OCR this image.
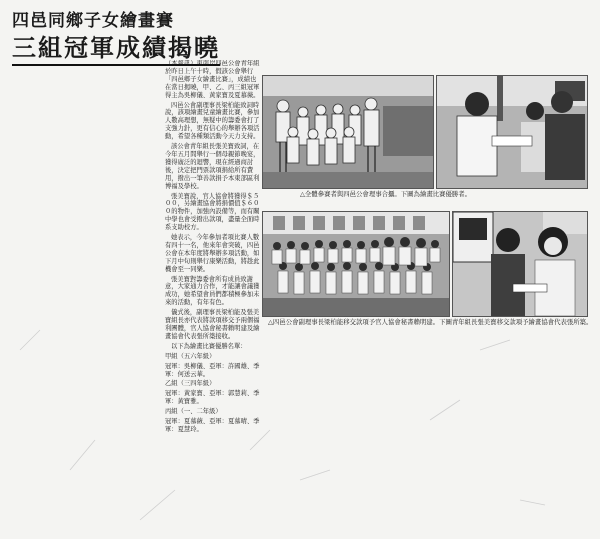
四邑同鄉子女繪畫賽
三組冠軍成績揭曉

（本報訊）東南岸四邑公會青年組於昨日上午十時，假該公會舉行「四邑鄉子女繪畫比賽」，成績也在當日揭曉，甲、乙、丙三組冠軍得主為吳柳儀、黃家寶及夏慕薇。

四邑公會副理事長梁柏能致詞時說，該項繪畫兒童繪畫比賽，參加人數高理想，無疑中的籌委會打了支強力針，更有信心的舉辦各項活動，希望各種類活動今天力支持。

該公會青年組長張美寶致詞，在今年五月間舉行一個母親節晚宴，獲得廣泛的迴響，現在經過商討後，決定把門票款項捐給所有費用，撥出一筆善款捐予本東部區利博福及學校。

張美寶說，官人協會將獲得＄５００，另繪畫協會將捐價值＄６００的物件，加強內設備等，而有關中學也會受撥出款項，盡量全面時系支助校方。

她表示，今年參加者項比賽人數有四十一名，他來年會突破，四邑公會在本年度將舉辦多項活動，如下月中旬則舉行康樂活動，將趁此機會至一同樂。

張美寶對籌委會所有成員致謝意，大家通力合作，才能讓會議獲成功，她希望會員們都積極參加未來的活動，有年有色。

儀式後，副理事長梁柏能及張美寶組長亦代表將款項移交予兩個福利團體，官人協會秘書賴明建及繪畫協會代表張所築接收。

以下為繪畫比賽優勝名單：

甲組（五六年級）

冠軍：吳柳儀、亞軍：許國雄、季軍：何送云華。

乙組（三四年級）

冠軍：黃家寶、亞軍：郭慧莉、季軍：黃寶雅。

丙組（一、二年級）

冠軍：夏慕薇、亞軍：夏慕晴、季軍：夏慧玲。

△全體參賽者與四邑公會理事合攝。下圖為繪畫比賽優勝者。
△四邑公會副理事長梁柏能移交款項予官人協會秘書賴明建。下圖青年組長張美寶移交款項予繪畫協會代表張所築。
